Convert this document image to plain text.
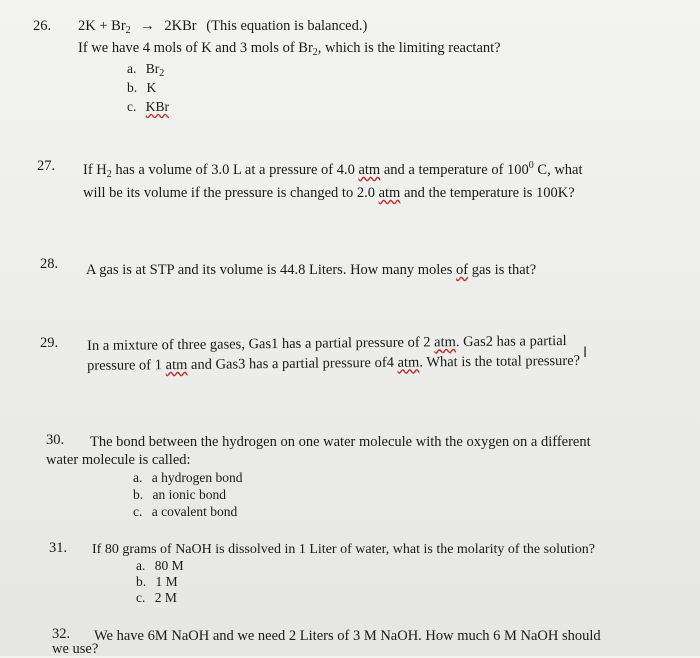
26. $2K + Br_2 \to 2KBr$ (This equation is balanced.)
If we have 4 mols of K and 3 mols of $Br_2$, which is the limiting reactant?
a. $Br_2$
b. K
c. KBr
27. If $H_2$ has a volume of 3.0 L at a pressure of 4.0 atm and a temperature of $100^0$ C, what
will be its volume if the pressure is changed to 2.0 atm and the temperature is 100K?
28. A gas is at STP and its volume is 44.8 Liters. How many moles of gas is that?
29. In a mixture of three gases, Gas1 has a partial pressure of 2 atm. Gas2 has a partial
pressure of 1 atm and Gas3 has a partial pressure of4 atm. What is the total pressure? I
30. The bond between the hydrogen on one water molecule with the oxygen on a different
water molecule is called:
a. a hydrogen bond
b. an ionic bond
c. a covalent bond
31. If 80 grams of NaOH is dissolved in 1 Liter of water, what is the molarity of the solution?
a. 80 M
b. 1 M
c. 2 M
32. We have 6M NaOH and we need 2 Liters of 3 M NaOH. How much 6 M NaOH should
we use?
